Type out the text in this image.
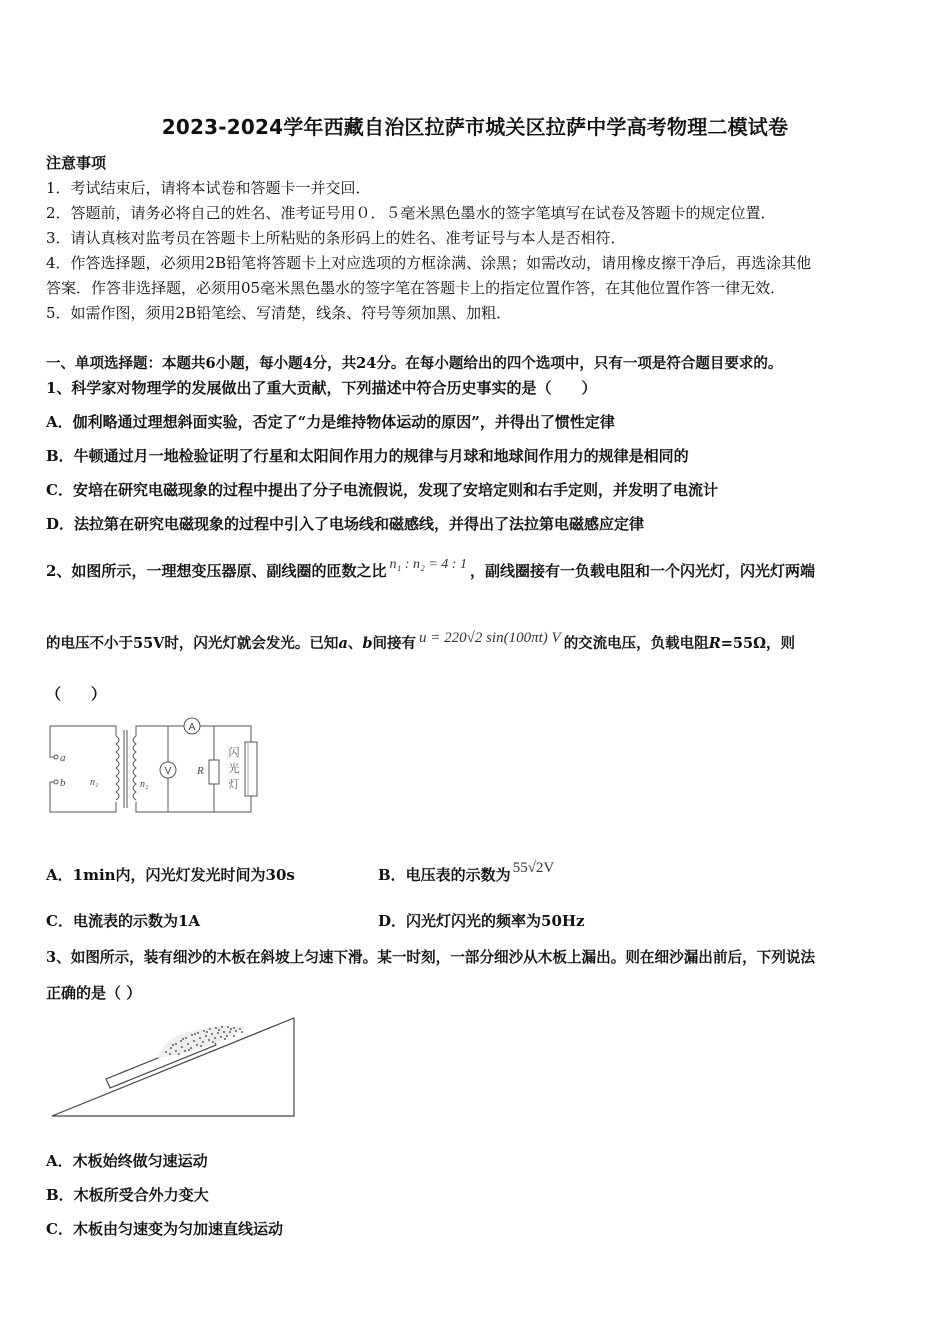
2023-2024学年西藏自治区拉萨市城关区拉萨中学高考物理二模试卷
注意事项
1．考试结束后，请将本试卷和答题卡一并交回．
2．答题前，请务必将自己的姓名、准考证号用０．５毫米黑色墨水的签字笔填写在试卷及答题卡的规定位置．
3．请认真核对监考员在答题卡上所粘贴的条形码上的姓名、准考证号与本人是否相符．
4．作答选择题，必须用2B铅笔将答题卡上对应选项的方框涂满、涂黑；如需改动，请用橡皮擦干净后，再选涂其他
答案．作答非选择题，必须用05毫米黑色墨水的签字笔在答题卡上的指定位置作答，在其他位置作答一律无效．
5．如需作图，须用2B铅笔绘、写清楚，线条、符号等须加黑、加粗．
一、单项选择题：本题共6小题，每小题4分，共24分。在每小题给出的四个选项中，只有一项是符合题目要求的。
1、科学家对物理学的发展做出了重大贡献，下列描述中符合历史事实的是（　　）
A．伽利略通过理想斜面实验，否定了“力是维持物体运动的原因”，并得出了惯性定律
B．牛顿通过月一地检验证明了行星和太阳间作用力的规律与月球和地球间作用力的规律是相同的
C．安培在研究电磁现象的过程中提出了分子电流假说，发现了安培定则和右手定则，并发明了电流计
D．法拉第在研究电磁现象的过程中引入了电场线和磁感线，并得出了法拉第电磁感应定律
2、如图所示，一理想变压器原、副线圈的匝数之比 n₁ : n₂ = 4 : 1 ，副线圈接有一负载电阻和一个闪光灯，闪光灯两端
的电压不小于55V时，闪光灯就会发光。已知a、b间接有 u = 220√2 sin(100πt) V 的交流电压，负载电阻R=55Ω，则
（　　）
a
b n₁	n₂
R
A
V
闪
光
灯
A．1min内，闪光灯发光时间为30s	B．电压表的示数为 55√2V
C．电流表的示数为1A	D．闪光灯闪光的频率为50Hz
3、如图所示，装有细沙的木板在斜坡上匀速下滑。某一时刻，一部分细沙从木板上漏出。则在细沙漏出前后，下列说法
正确的是（ ）
A．木板始终做匀速运动
B．木板所受合外力变大
C．木板由匀速变为匀加速直线运动
